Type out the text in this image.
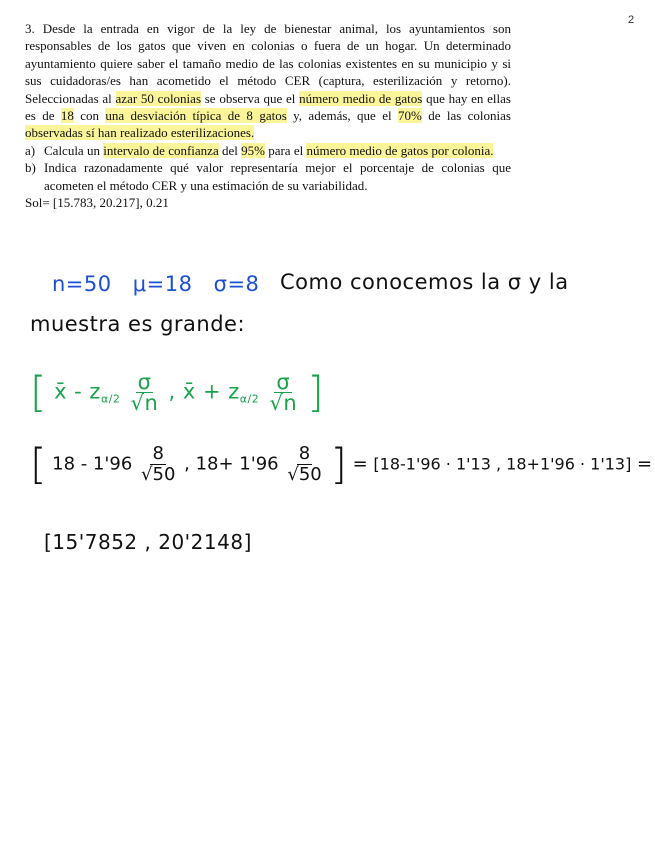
2

3. Desde la entrada en vigor de la ley de bienestar animal, los ayuntamientos son responsables de los gatos que viven en colonias o fuera de un hogar. Un determinado ayuntamiento quiere saber el tamaño medio de las colonias existentes en su municipio y si sus cuidadoras/es han acometido el método CER (captura, esterilización y retorno). Seleccionadas al azar 50 colonias se observa que el número medio de gatos que hay en ellas es de 18 con una desviación típica de 8 gatos y, además, que el 70% de las colonias observadas sí han realizado esterilizaciones.

a) Calcula un intervalo de confianza del 95% para el número medio de gatos por colonia.
b) Indica razonadamente qué valor representaría mejor el porcentaje de colonias que acometen el método CER y una estimación de su variabilidad.

Sol= [15.783, 20.217], 0.21

n=50 μ=18 σ=8 Como conocemos la σ y la
muestra es grande:
[ x̄ - $z_{\alpha/2} \frac{\sigma}{√n}$ , x̄ + $z_{\alpha/2} \frac{\sigma}{√n}$ ]
[ $18 - 1'96 \frac{8}{√50}$ , $18+ 1'96 \frac{8}{√50}$ ] = [18-1'96 · 1'13 , 18+1'96 · 1'13] =
[15'7852 , 20'2148]
